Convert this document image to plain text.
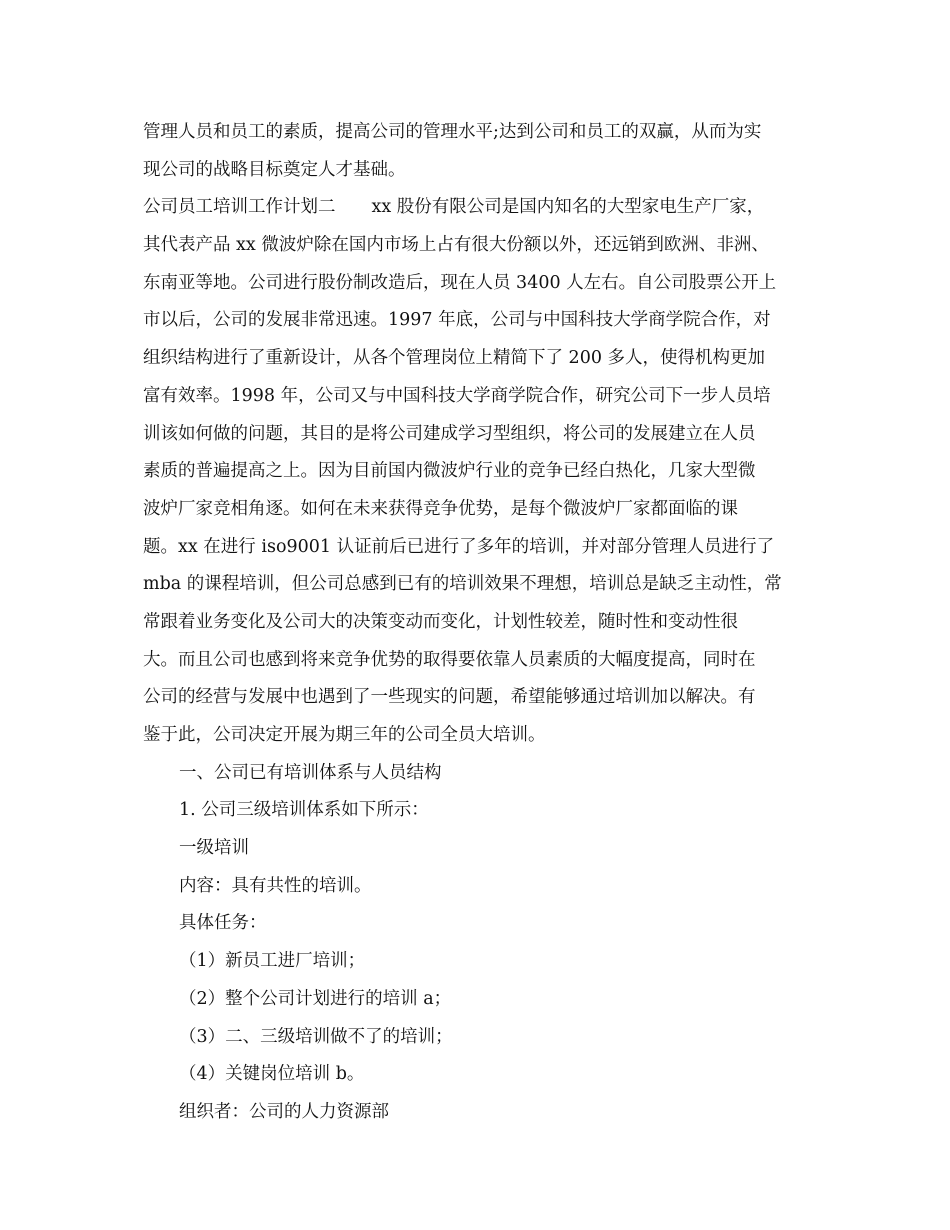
管理人员和员工的素质，提高公司的管理水平;达到公司和员工的双赢，从而为实
现公司的战略目标奠定人才基础。
公司员工培训工作计划二 xx 股份有限公司是国内知名的大型家电生产厂家，
其代表产品 xx 微波炉除在国内市场上占有很大份额以外，还远销到欧洲、非洲、
东南亚等地。公司进行股份制改造后，现在人员 3400 人左右。自公司股票公开上
市以后，公司的发展非常迅速。1997 年底，公司与中国科技大学商学院合作，对
组织结构进行了重新设计，从各个管理岗位上精简下了 200 多人，使得机构更加
富有效率。1998 年，公司又与中国科技大学商学院合作，研究公司下一步人员培
训该如何做的问题，其目的是将公司建成学习型组织，将公司的发展建立在人员
素质的普遍提高之上。因为目前国内微波炉行业的竞争已经白热化，几家大型微
波炉厂家竞相角逐。如何在未来获得竞争优势，是每个微波炉厂家都面临的课
题。xx 在进行 iso9001 认证前后已进行了多年的培训，并对部分管理人员进行了
mba 的课程培训，但公司总感到已有的培训效果不理想，培训总是缺乏主动性，常
常跟着业务变化及公司大的决策变动而变化，计划性较差，随时性和变动性很
大。而且公司也感到将来竞争优势的取得要依靠人员素质的大幅度提高，同时在
公司的经营与发展中也遇到了一些现实的问题，希望能够通过培训加以解决。有
鉴于此，公司决定开展为期三年的公司全员大培训。
一、公司已有培训体系与人员结构
1. 公司三级培训体系如下所示：
一级培训
内容：具有共性的培训。
具体任务：
（1）新员工进厂培训；
（2）整个公司计划进行的培训 a；
（3）二、三级培训做不了的培训；
（4）关键岗位培训 b。
组织者：公司的人力资源部
